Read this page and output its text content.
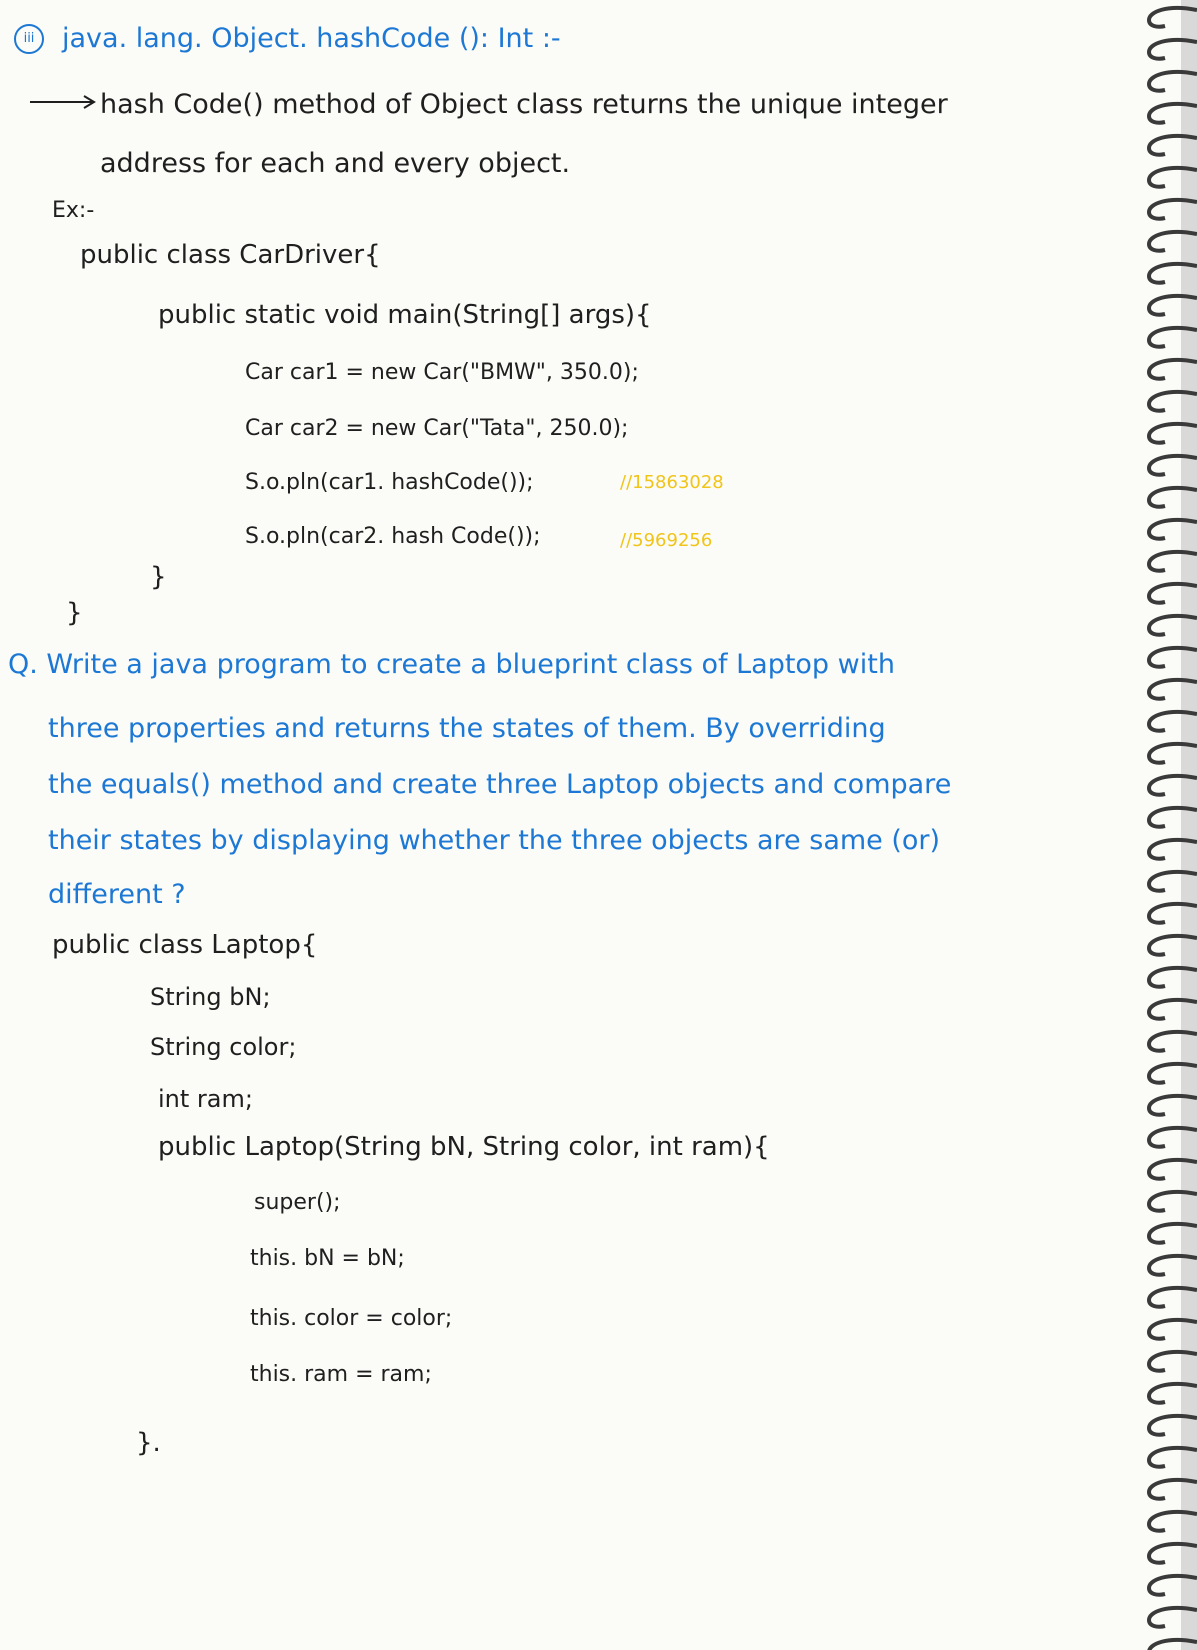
iii	java. lang. Object. hashCode (): Int :-
hash Code() method of Object class returns the unique integer
address for each and every object.
Ex:-
public class CarDriver{
public static void main(String[] args){
Car car1 = new Car("BMW", 350.0);
Car car2 = new Car("Tata", 250.0);
S.o.pln(car1. hashCode());	//15863028
S.o.pln(car2. hash Code());	//5969256
}
}
Q. Write a java program to create a blueprint class of Laptop with
three properties and returns the states of them. By overriding
the equals() method and create three Laptop objects and compare
their states by displaying whether the three objects are same (or)
different ?
public class Laptop{
String bN;
String color;
int ram;
public Laptop(String bN, String color, int ram){
super();
this. bN = bN;
this. color = color;
this. ram = ram;
}.
